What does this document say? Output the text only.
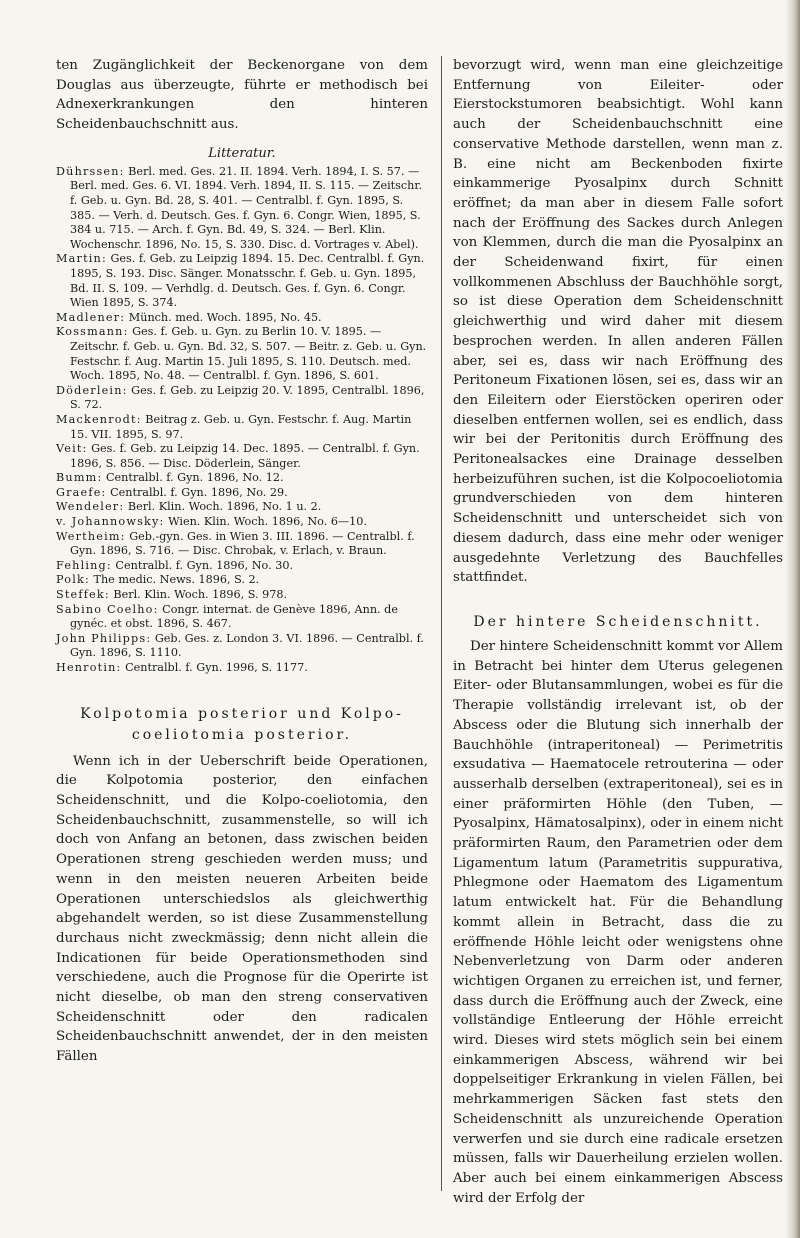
ten Zugänglichkeit der Beckenorgane von dem Douglas aus überzeugte, führte er methodisch bei Adnexerkrankungen den hinteren Scheidenbauchschnitt aus.

Litteratur.

Dührssen: Berl. med. Ges. 21. II. 1894. Verh. 1894, I. S. 57. — Berl. med. Ges. 6. VI. 1894. Verh. 1894, II. S. 115. — Zeitschr. f. Geb. u. Gyn. Bd. 28, S. 401. — Centralbl. f. Gyn. 1895, S. 385. — Verh. d. Deutsch. Ges. f. Gyn. 6. Congr. Wien, 1895, S. 384 u. 715. — Arch. f. Gyn. Bd. 49, S. 324. — Berl. Klin. Wochenschr. 1896, No. 15, S. 330. Disc. d. Vortrages v. Abel).

Martin: Ges. f. Geb. zu Leipzig 1894. 15. Dec. Centralbl. f. Gyn. 1895, S. 193. Disc. Sänger. Monatsschr. f. Geb. u. Gyn. 1895, Bd. II. S. 109. — Verhdlg. d. Deutsch. Ges. f. Gyn. 6. Congr. Wien 1895, S. 374.

Madlener: Münch. med. Woch. 1895, No. 45.

Kossmann: Ges. f. Geb. u. Gyn. zu Berlin 10. V. 1895. — Zeitschr. f. Geb. u. Gyn. Bd. 32, S. 507. — Beitr. z. Geb. u. Gyn. Festschr. f. Aug. Martin 15. Juli 1895, S. 110. Deutsch. med. Woch. 1895, No. 48. — Centralbl. f. Gyn. 1896, S. 601.

Döderlein: Ges. f. Geb. zu Leipzig 20. V. 1895, Centralbl. 1896, S. 72.

Mackenrodt: Beitrag z. Geb. u. Gyn. Festschr. f. Aug. Martin 15. VII. 1895, S. 97.

Veit: Ges. f. Geb. zu Leipzig 14. Dec. 1895. — Centralbl. f. Gyn. 1896, S. 856. — Disc. Döderlein, Sänger.

Bumm: Centralbl. f. Gyn. 1896, No. 12.

Graefe: Centralbl. f. Gyn. 1896, No. 29.

Wendeler: Berl. Klin. Woch. 1896, No. 1 u. 2.

v. Johannowsky: Wien. Klin. Woch. 1896, No. 6—10.

Wertheim: Geb.-gyn. Ges. in Wien 3. III. 1896. — Centralbl. f. Gyn. 1896, S. 716. — Disc. Chrobak, v. Erlach, v. Braun.

Fehling: Centralbl. f. Gyn. 1896, No. 30.

Polk: The medic. News. 1896, S. 2.

Steffek: Berl. Klin. Woch. 1896, S. 978.

Sabino Coelho: Congr. internat. de Genève 1896, Ann. de gynéc. et obst. 1896, S. 467.

John Philipps: Geb. Ges. z. London 3. VI. 1896. — Centralbl. f. Gyn. 1896, S. 1110.

Henrotin: Centralbl. f. Gyn. 1996, S. 1177.

Kolpotomia posterior und Kolpo-coeliotomia posterior.

Wenn ich in der Ueberschrift beide Operationen, die Kolpotomia posterior, den einfachen Scheidenschnitt, und die Kolpo-coeliotomia, den Scheidenbauchschnitt, zusammenstelle, so will ich doch von Anfang an betonen, dass zwischen beiden Operationen streng geschieden werden muss; und wenn in den meisten neueren Arbeiten beide Operationen unterschiedslos als gleichwerthig abgehandelt werden, so ist diese Zusammenstellung durchaus nicht zweckmässig; denn nicht allein die Indicationen für beide Operationsmethoden sind verschiedene, auch die Prognose für die Operirte ist nicht dieselbe, ob man den streng conservativen Scheidenschnitt oder den radicalen Scheidenbauchschnitt anwendet, der in den meisten Fällen

bevorzugt wird, wenn man eine gleichzeitige Entfernung von Eileiter- oder Eierstockstumoren beabsichtigt. Wohl kann auch der Scheidenbauchschnitt eine conservative Methode darstellen, wenn man z. B. eine nicht am Beckenboden fixirte einkammerige Pyosalpinx durch Schnitt eröffnet; da man aber in diesem Falle sofort nach der Eröffnung des Sackes durch Anlegen von Klemmen, durch die man die Pyosalpinx an der Scheidenwand fixirt, für einen vollkommenen Abschluss der Bauchhöhle sorgt, so ist diese Operation dem Scheidenschnitt gleichwerthig und wird daher mit diesem besprochen werden. In allen anderen Fällen aber, sei es, dass wir nach Eröffnung des Peritoneum Fixationen lösen, sei es, dass wir an den Eileitern oder Eierstöcken operiren oder dieselben entfernen wollen, sei es endlich, dass wir bei der Peritonitis durch Eröffnung des Peritonealsackes eine Drainage desselben herbeizuführen suchen, ist die Kolpocoeliotomia grundverschieden von dem hinteren Scheidenschnitt und unterscheidet sich von diesem dadurch, dass eine mehr oder weniger ausgedehnte Verletzung des Bauchfelles stattfindet.

Der hintere Scheidenschnitt.

Der hintere Scheidenschnitt kommt vor Allem in Betracht bei hinter dem Uterus gelegenen Eiter- oder Blutansammlungen, wobei es für die Therapie vollständig irrelevant ist, ob der Abscess oder die Blutung sich innerhalb der Bauchhöhle (intraperitoneal) — Perimetritis exsudativa — Haematocele retrouterina — oder ausserhalb derselben (extraperitoneal), sei es in einer präformirten Höhle (den Tuben, — Pyosalpinx, Hämatosalpinx), oder in einem nicht präformirten Raum, den Parametrien oder dem Ligamentum latum (Parametritis suppurativa, Phlegmone oder Haematom des Ligamentum latum entwickelt hat. Für die Behandlung kommt allein in Betracht, dass die zu eröffnende Höhle leicht oder wenigstens ohne Nebenverletzung von Darm oder anderen wichtigen Organen zu erreichen ist, und ferner, dass durch die Eröffnung auch der Zweck, eine vollständige Entleerung der Höhle erreicht wird. Dieses wird stets möglich sein bei einem einkammerigen Abscess, während wir bei doppelseitiger Erkrankung in vielen Fällen, bei mehrkammerigen Säcken fast stets den Scheidenschnitt als unzureichende Operation verwerfen und sie durch eine radicale ersetzen müssen, falls wir Dauerheilung erzielen wollen. Aber auch bei einem einkammerigen Abscess wird der Erfolg der
